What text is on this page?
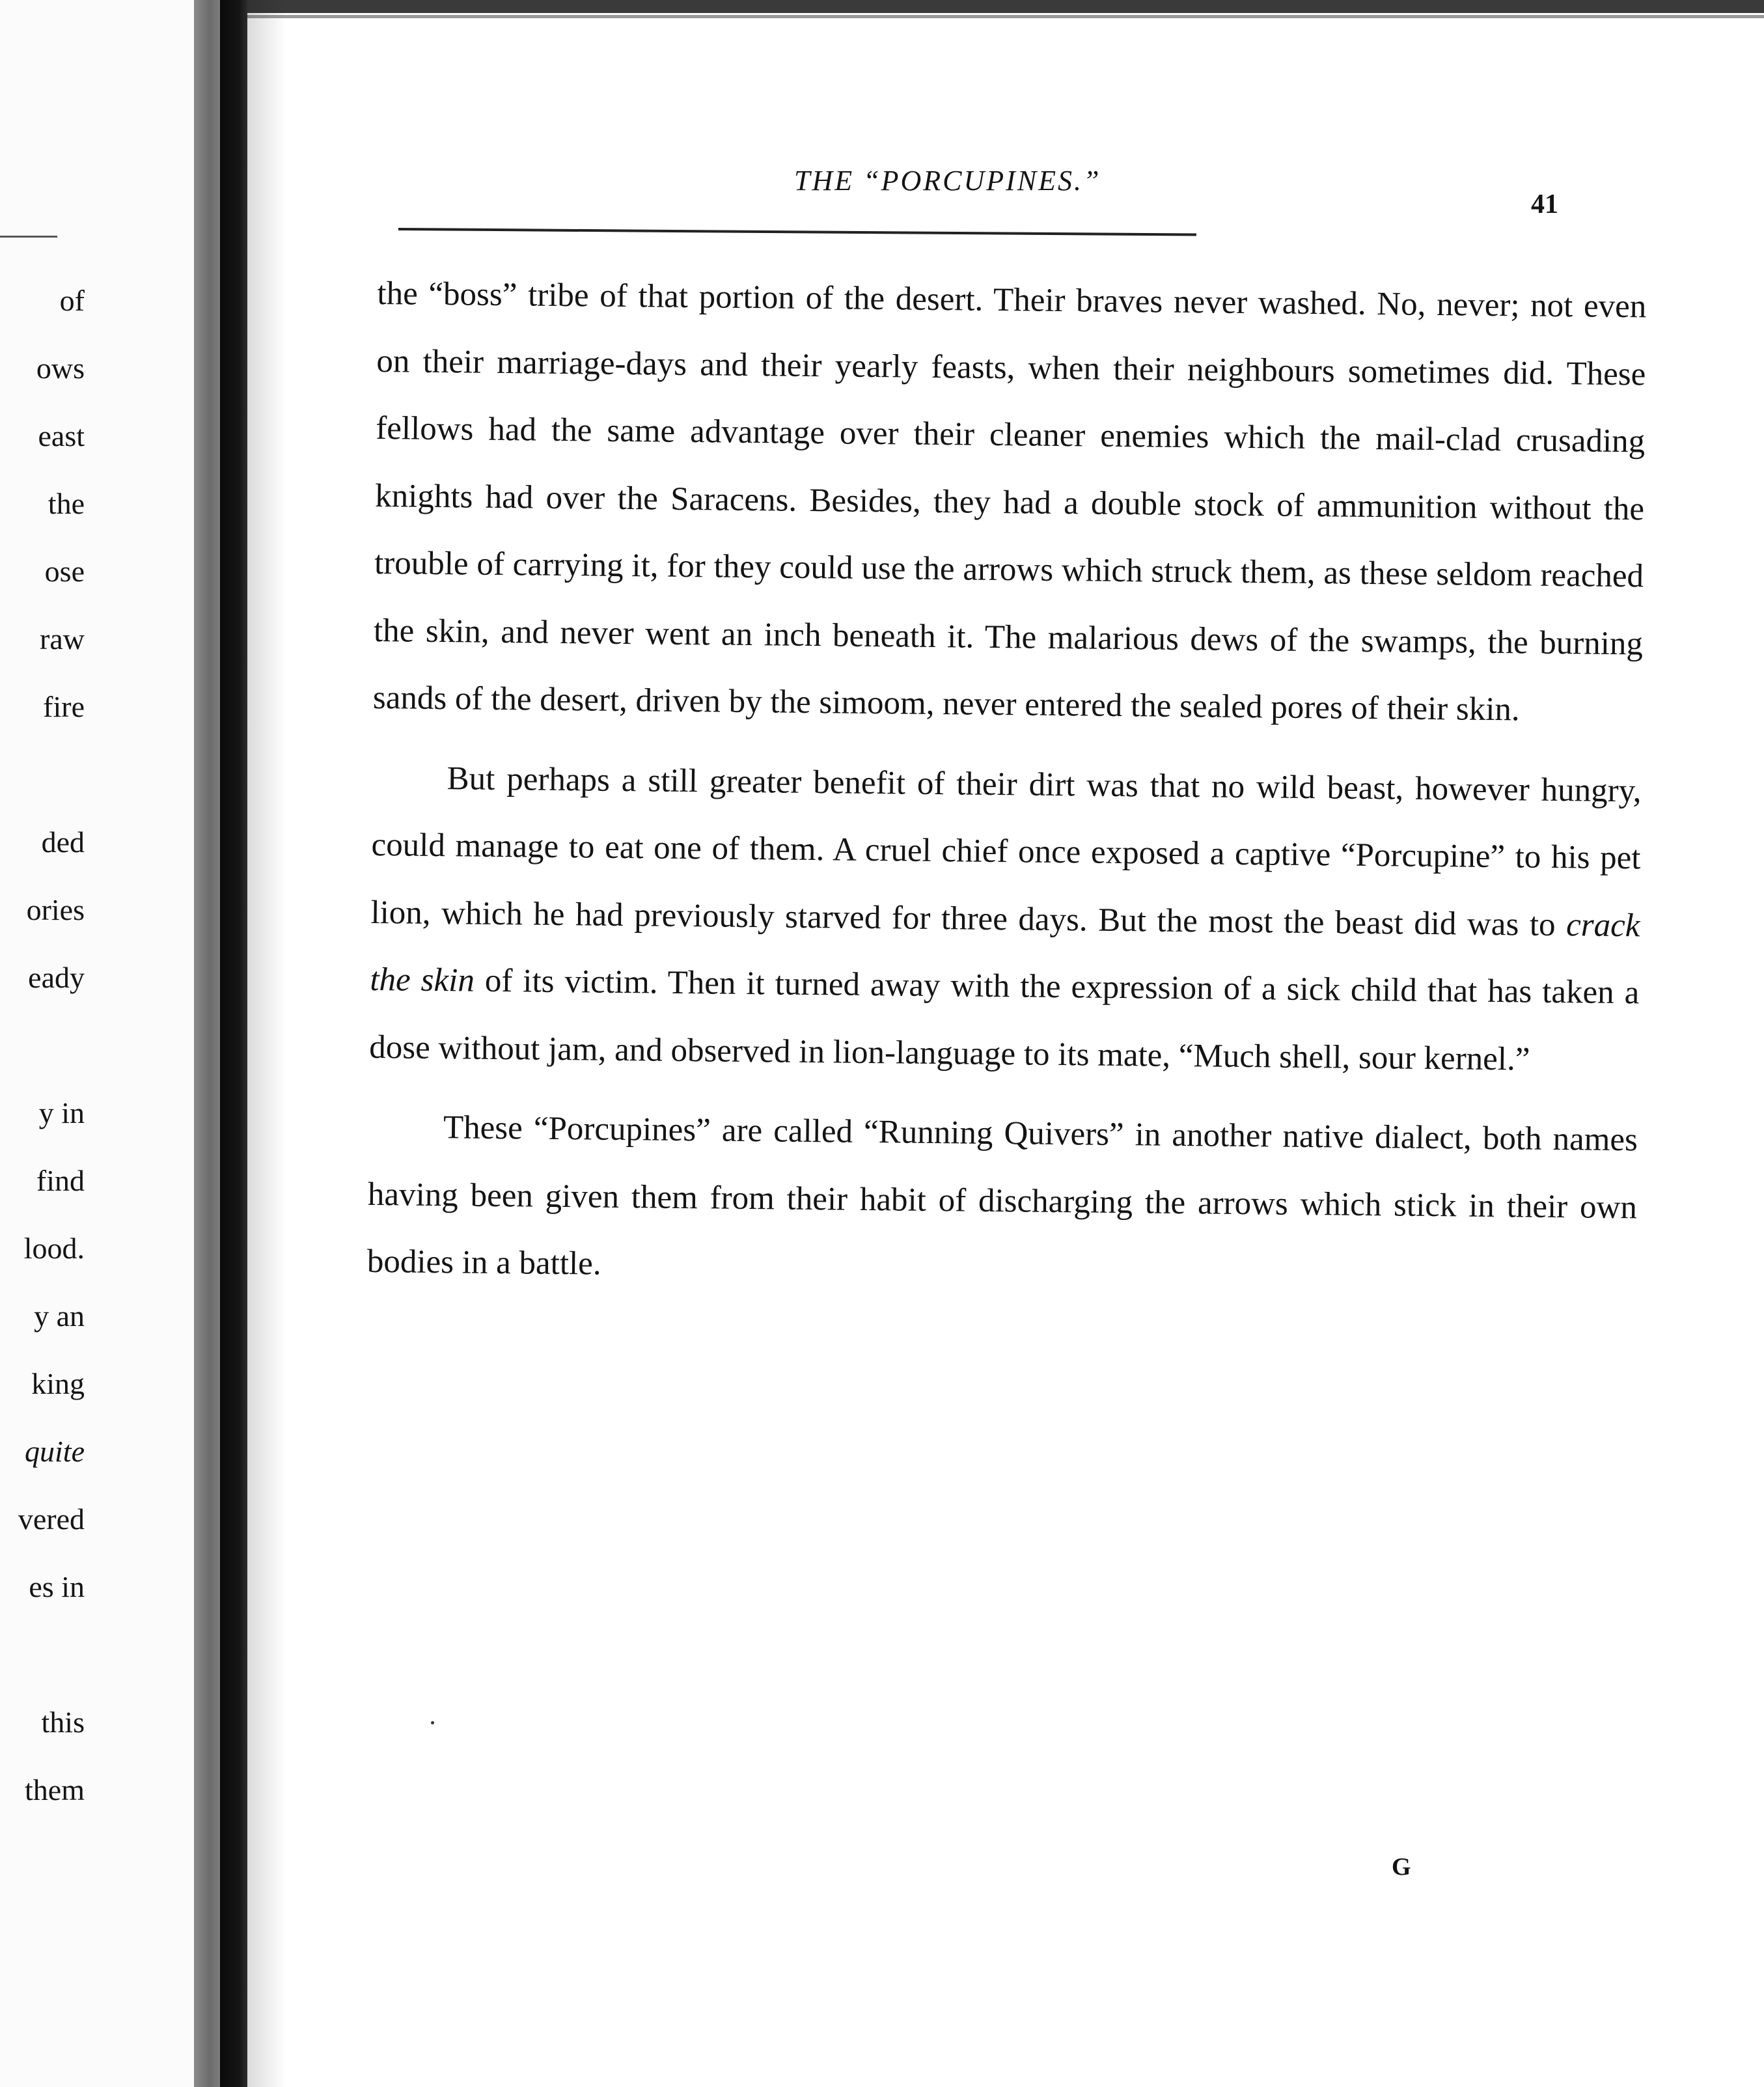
of
ows
east
the
ose
raw
fire
ded
ories
eady
y in
find
lood.
y an
king
quite
vered
es in
this
them
THE “PORCUPINES.”
41

the “boss” tribe of that portion of the desert. Their braves never washed. No, never; not even on their marriage-days and their yearly feasts, when their neighbours sometimes did. These fellows had the same advantage over their cleaner enemies which the mail-clad crusading knights had over the Saracens. Besides, they had a double stock of ammunition without the trouble of carrying it, for they could use the arrows which struck them, as these seldom reached the skin, and never went an inch beneath it. The malarious dews of the swamps, the burning sands of the desert, driven by the simoom, never entered the sealed pores of their skin.

But perhaps a still greater benefit of their dirt was that no wild beast, however hungry, could manage to eat one of them. A cruel chief once exposed a captive “Porcupine” to his pet lion, which he had previously starved for three days. But the most the beast did was to crack the skin of its victim. Then it turned away with the expression of a sick child that has taken a dose without jam, and observed in lion-language to its mate, “Much shell, sour kernel.”

These “Porcupines” are called “Running Quivers” in another native dialect, both names having been given them from their habit of discharging the arrows which stick in their own bodies in a battle.

G
